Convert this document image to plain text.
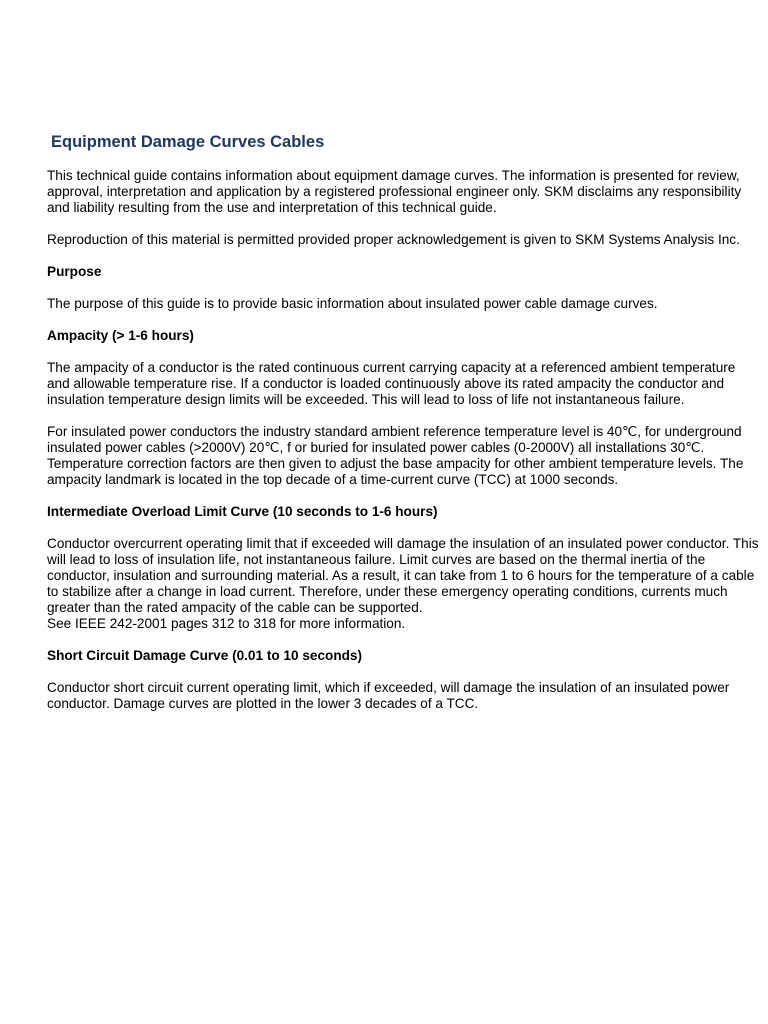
Equipment Damage Curves Cables

This technical guide contains information about equipment damage curves. The information is presented for review, approval, interpretation and application by a registered professional engineer only. SKM disclaims any responsibility and liability resulting from the use and interpretation of this technical guide.

Reproduction of this material is permitted provided proper acknowledgement is given to SKM Systems Analysis Inc.

Purpose

The purpose of this guide is to provide basic information about insulated power cable damage curves.

Ampacity (> 1-6 hours)

The ampacity of a conductor is the rated continuous current carrying capacity at a referenced ambient temperature and allowable temperature rise. If a conductor is loaded continuously above its rated ampacity the conductor and insulation temperature design limits will be exceeded. This will lead to loss of life not instantaneous failure.

For insulated power conductors the industry standard ambient reference temperature level is 40℃, for underground insulated power cables (>2000V) 20℃, f or buried for insulated power cables (0-2000V) all installations 30℃. Temperature correction factors are then given to adjust the base ampacity for other ambient temperature levels. The ampacity landmark is located in the top decade of a time-current curve (TCC) at 1000 seconds.

Intermediate Overload Limit Curve (10 seconds to 1-6 hours)

Conductor overcurrent operating limit that if exceeded will damage the insulation of an insulated power conductor. This will lead to loss of insulation life, not instantaneous failure. Limit curves are based on the thermal inertia of the conductor, insulation and surrounding material. As a result, it can take from 1 to 6 hours for the temperature of a cable to stabilize after a change in load current. Therefore, under these emergency operating conditions, currents much greater than the rated ampacity of the cable can be supported.
See IEEE 242-2001 pages 312 to 318 for more information.

Short Circuit Damage Curve (0.01 to 10 seconds)

Conductor short circuit current operating limit, which if exceeded, will damage the insulation of an insulated power conductor. Damage curves are plotted in the lower 3 decades of a TCC.
